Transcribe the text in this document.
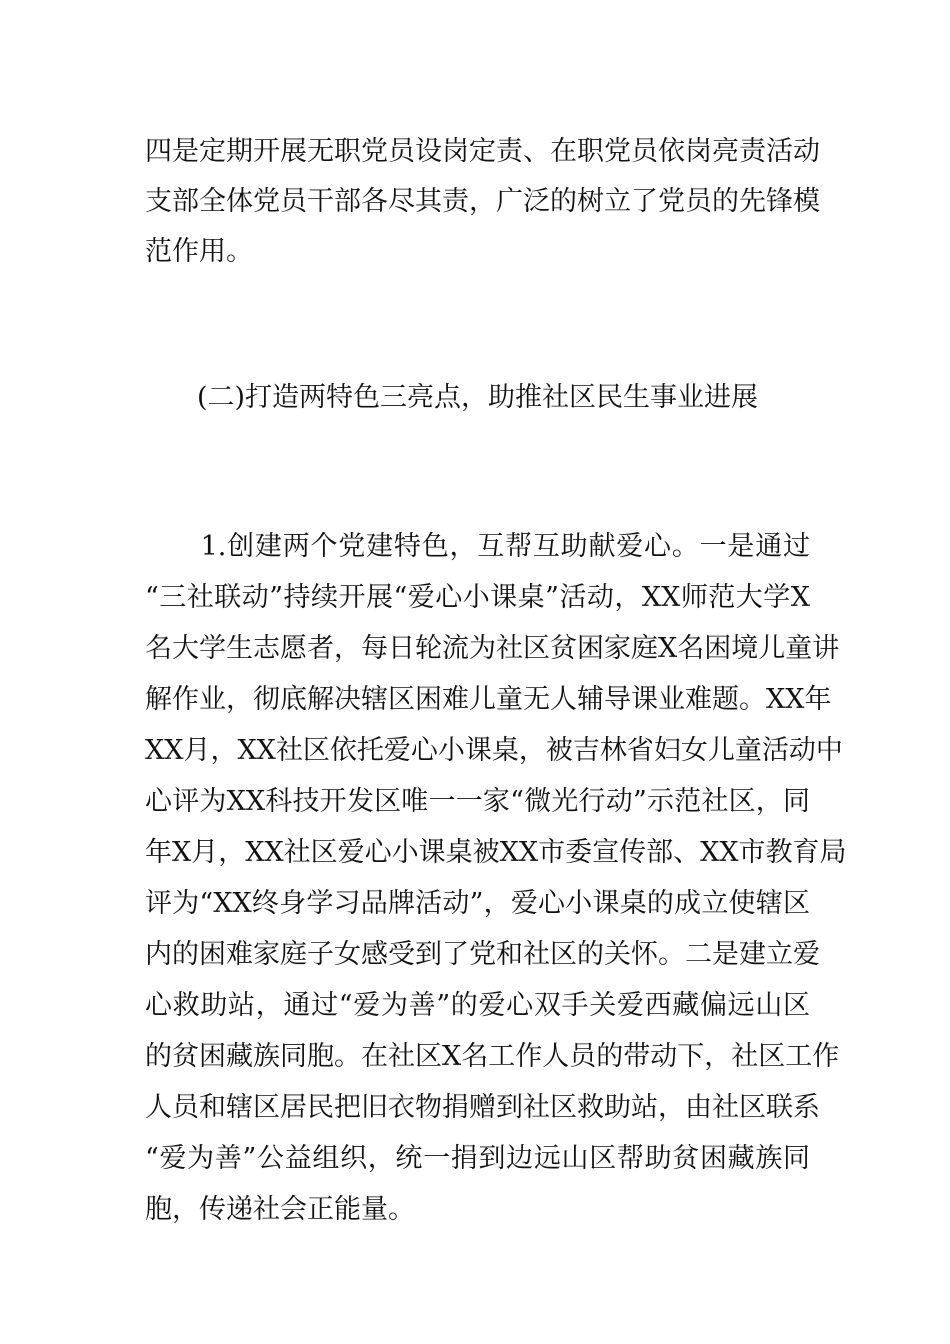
四是定期开展无职党员设岗定责、在职党员依岗亮责活动
支部全体党员干部各尽其责，广泛的树立了党员的先锋模
范作用。
(二)打造两特色三亮点，助推社区民生事业进展
　　1.创建两个党建特色，互帮互助献爱心。一是通过
“三社联动”持续开展“爱心小课桌”活动，XX师范大学X
名大学生志愿者，每日轮流为社区贫困家庭X名困境儿童讲
解作业，彻底解决辖区困难儿童无人辅导课业难题。XX年
XX月，XX社区依托爱心小课桌，被吉林省妇女儿童活动中
心评为XX科技开发区唯一一家“微光行动”示范社区，同
年X月，XX社区爱心小课桌被XX市委宣传部、XX市教育局
评为“XX终身学习品牌活动”，爱心小课桌的成立使辖区
内的困难家庭子女感受到了党和社区的关怀。二是建立爱
心救助站，通过“爱为善”的爱心双手关爱西藏偏远山区
的贫困藏族同胞。在社区X名工作人员的带动下，社区工作
人员和辖区居民把旧衣物捐赠到社区救助站，由社区联系
“爱为善”公益组织，统一捐到边远山区帮助贫困藏族同
胞，传递社会正能量。
